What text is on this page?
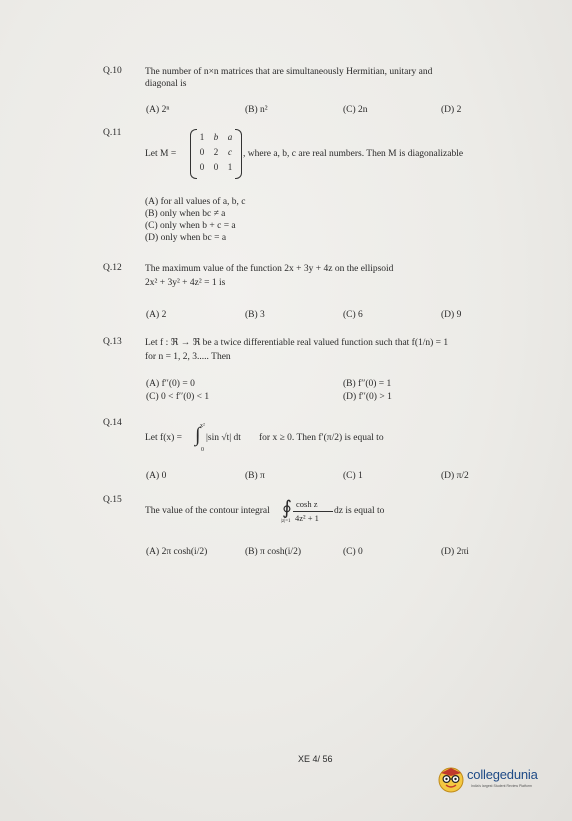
Q.10 The number of n×n matrices that are simultaneously Hermitian, unitary and
diagonal is
(A) 2ⁿ	(B) n²	(C) 2n	(D) 2
Q.11
Let M =
1	b	a
0	2	c
0	0	1
, where a, b, c are real numbers. Then M is diagonalizable
(A) for all values of a, b, c
(B) only when bc ≠ a
(C) only when b + c = a
(D) only when bc = a
Q.12 The maximum value of the function 2x + 3y + 4z on the ellipsoid
2x² + 3y² + 4z² = 1 is
(A) 2	(B) 3	(C) 6	(D) 9
Q.13 Let f : ℜ → ℜ be a twice differentiable real valued function such that f(1/n) = 1
for n = 1, 2, 3..... Then
(A) f′′(0) = 0	(B) f′′(0) = 1
(C) 0 < f′′(0) < 1	(D) f′′(0) > 1
Q.14
Let f(x) =
x²
∫
0
|sin √t| dt for x ≥ 0. Then f′(π/2) is equal to
(A) 0	(B) π	(C) 1	(D) π/2
Q.15
The value of the contour integral ∮
|z|=1
cosh z
4z² + 1
dz is equal to
(A) 2π cosh(i/2)	(B) π cosh(i/2)	(C) 0	(D) 2πi
XE 4/ 56
collegedunia
India's largest Student Review Platform
